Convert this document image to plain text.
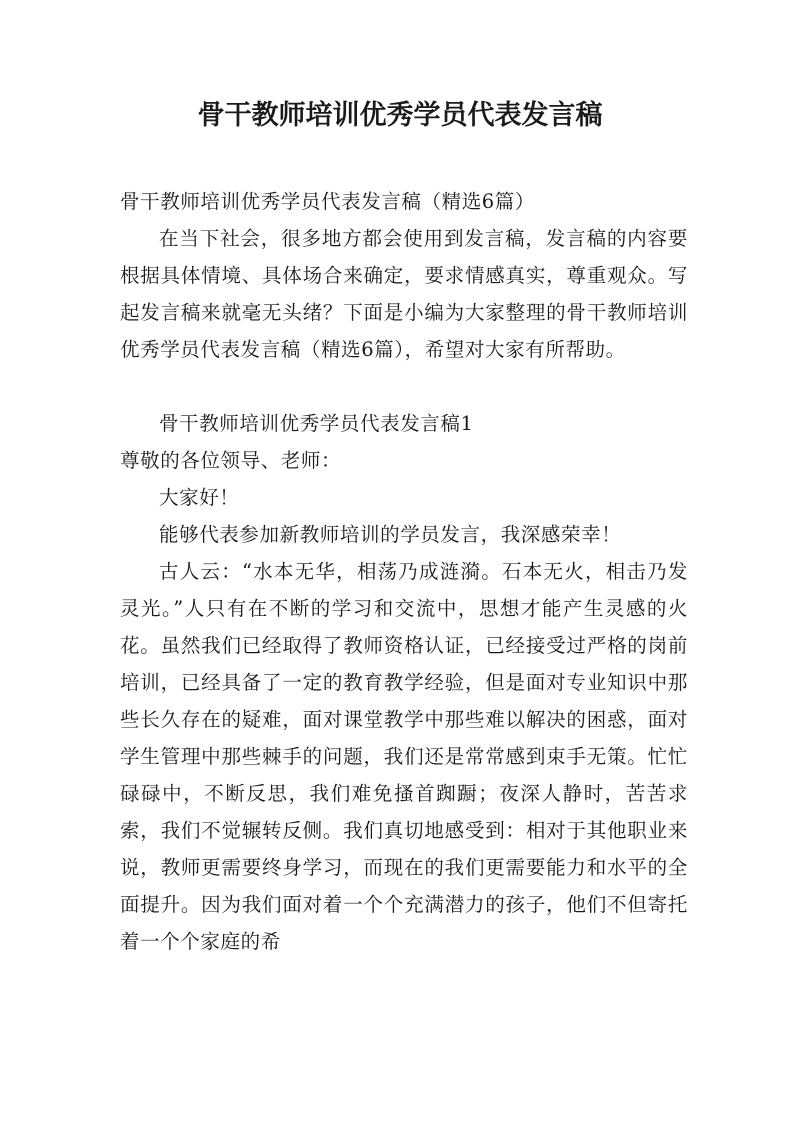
骨干教师培训优秀学员代表发言稿

骨干教师培训优秀学员代表发言稿（精选6篇）

在当下社会，很多地方都会使用到发言稿，发言稿的内容要根据具体情境、具体场合来确定，要求情感真实，尊重观众。写起发言稿来就毫无头绪？下面是小编为大家整理的骨干教师培训优秀学员代表发言稿（精选6篇），希望对大家有所帮助。

骨干教师培训优秀学员代表发言稿1

尊敬的各位领导、老师：

大家好！

能够代表参加新教师培训的学员发言，我深感荣幸！

古人云：“水本无华，相荡乃成涟漪。石本无火，相击乃发灵光。”人只有在不断的学习和交流中，思想才能产生灵感的火花。虽然我们已经取得了教师资格认证，已经接受过严格的岗前培训，已经具备了一定的教育教学经验，但是面对专业知识中那些长久存在的疑难，面对课堂教学中那些难以解决的困惑，面对学生管理中那些棘手的问题，我们还是常常感到束手无策。忙忙碌碌中，不断反思，我们难免搔首踟蹰；夜深人静时，苦苦求索，我们不觉辗转反侧。我们真切地感受到：相对于其他职业来说，教师更需要终身学习，而现在的我们更需要能力和水平的全面提升。因为我们面对着一个个充满潜力的孩子，他们不但寄托着一个个家庭的希
